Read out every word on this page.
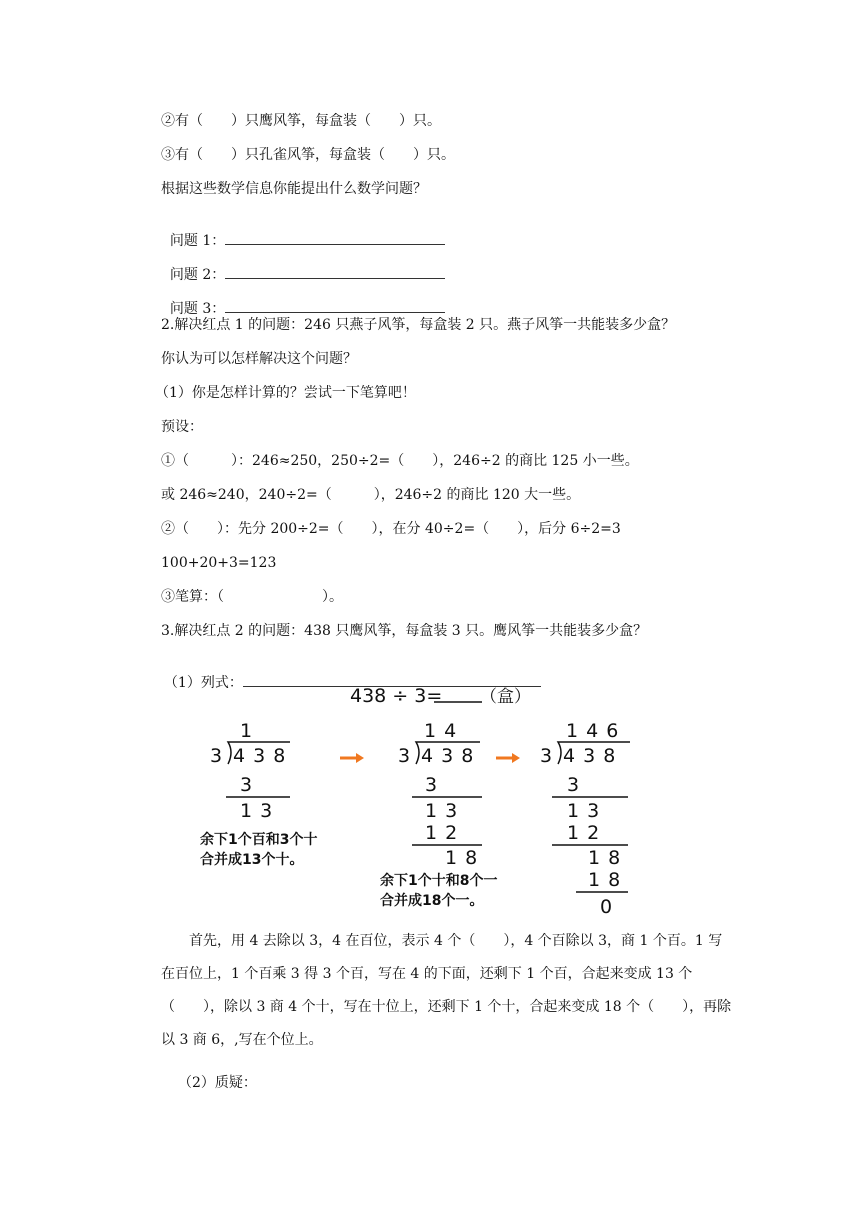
②有（　　）只鹰风筝，每盒装（　　）只。
③有（　　）只孔雀风筝，每盒装（　　）只。
根据这些数学信息你能提出什么数学问题？

问题 1：

问题 2：

问题 3：

2.解决红点 1 的问题：246 只燕子风筝，每盒装 2 只。燕子风筝一共能装多少盒？
你认为可以怎样解决这个问题？
（1）你是怎样计算的？尝试一下笔算吧！
预设：
①（　　　）：246≈250，250÷2=（　　），246÷2 的商比 125 小一些。
或 246≈240，240÷2=（　　　），246÷2 的商比 120 大一些。
②（　　）：先分 200÷2=（　　），在分 40÷2=（　　），后分 6÷2=3
100+20+3=123
③笔算：（　　　　　　　）。
3.解决红点 2 的问题：438 只鹰风筝，每盒装 3 只。鹰风筝一共能装多少盒？

（1）列式：

438 ÷ 3= （盒）
1
3 4 3 8
3
1 3
余下1个百和3个十
合并成13个十。
1 4
3 4 3 8
3
1 3
1 2
1 8
余下1个十和8个一
合并成18个一。
1 4 6
3 4 3 8
3
1 3
1 2
1 8
1 8
0
首先，用 4 去除以 3，4 在百位，表示 4 个（　　），4 个百除以 3，商 1 个百。1 写在百位上，1 个百乘 3 得 3 个百，写在 4 的下面，还剩下 1 个百，合起来变成 13 个（　　），除以 3 商 4 个十，写在十位上，还剩下 1 个十，合起来变成 18 个（　　），再除以 3 商 6，,写在个位上。
（2）质疑：
